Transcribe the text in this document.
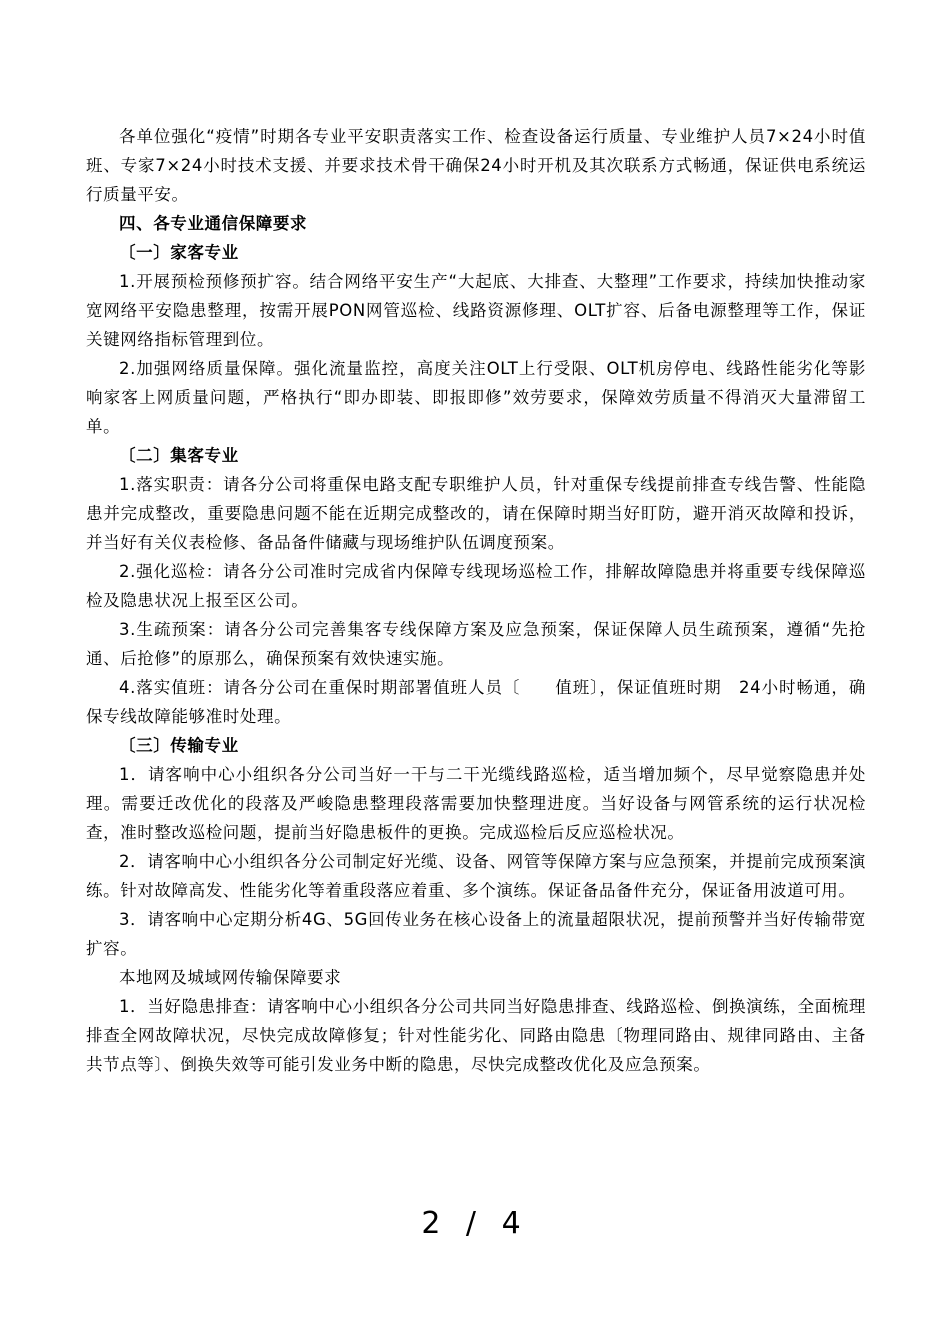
各单位强化“疫情”时期各专业平安职责落实工作、检查设备运行质量、专业维护人员7×24小时值班、专家7×24小时技术支援、并要求技术骨干确保24小时开机及其次联系方式畅通，保证供电系统运行质量平安。

四、各专业通信保障要求

〔一〕家客专业

1.开展预检预修预扩容。结合网络平安生产“大起底、大排查、大整理”工作要求，持续加快推动家宽网络平安隐患整理，按需开展PON网管巡检、线路资源修理、OLT扩容、后备电源整理等工作，保证关键网络指标管理到位。

2.加强网络质量保障。强化流量监控，高度关注OLT上行受限、OLT机房停电、线路性能劣化等影响家客上网质量问题，严格执行“即办即装、即报即修”效劳要求，保障效劳质量不得消灭大量滞留工单。

〔二〕集客专业

1.落实职责：请各分公司将重保电路支配专职维护人员，针对重保专线提前排查专线告警、性能隐患并完成整改，重要隐患问题不能在近期完成整改的，请在保障时期当好盯防，避开消灭故障和投诉，并当好有关仪表检修、备品备件储藏与现场维护队伍调度预案。

2.强化巡检：请各分公司准时完成省内保障专线现场巡检工作，排解故障隐患并将重要专线保障巡检及隐患状况上报至区公司。

3.生疏预案：请各分公司完善集客专线保障方案及应急预案，保证保障人员生疏预案，遵循“先抢通、后抢修”的原那么，确保预案有效快速实施。

4.落实值班：请各分公司在重保时期部署值班人员〔　　值班〕，保证值班时期　24小时畅通，确保专线故障能够准时处理。

〔三〕传输专业

1．请客响中心小组织各分公司当好一干与二干光缆线路巡检，适当增加频个，尽早觉察隐患并处理。需要迁改优化的段落及严峻隐患整理段落需要加快整理进度。当好设备与网管系统的运行状况检查，准时整改巡检问题，提前当好隐患板件的更换。完成巡检后反应巡检状况。

2．请客响中心小组织各分公司制定好光缆、设备、网管等保障方案与应急预案，并提前完成预案演练。针对故障高发、性能劣化等着重段落应着重、多个演练。保证备品备件充分，保证备用波道可用。

3．请客响中心定期分析4G、5G回传业务在核心设备上的流量超限状况，提前预警并当好传输带宽扩容。

本地网及城域网传输保障要求

1．当好隐患排查：请客响中心小组织各分公司共同当好隐患排查、线路巡检、倒换演练，全面梳理排查全网故障状况，尽快完成故障修复；针对性能劣化、同路由隐患〔物理同路由、规律同路由、主备共节点等〕、倒换失效等可能引发业务中断的隐患，尽快完成整改优化及应急预案。

2 / 4
